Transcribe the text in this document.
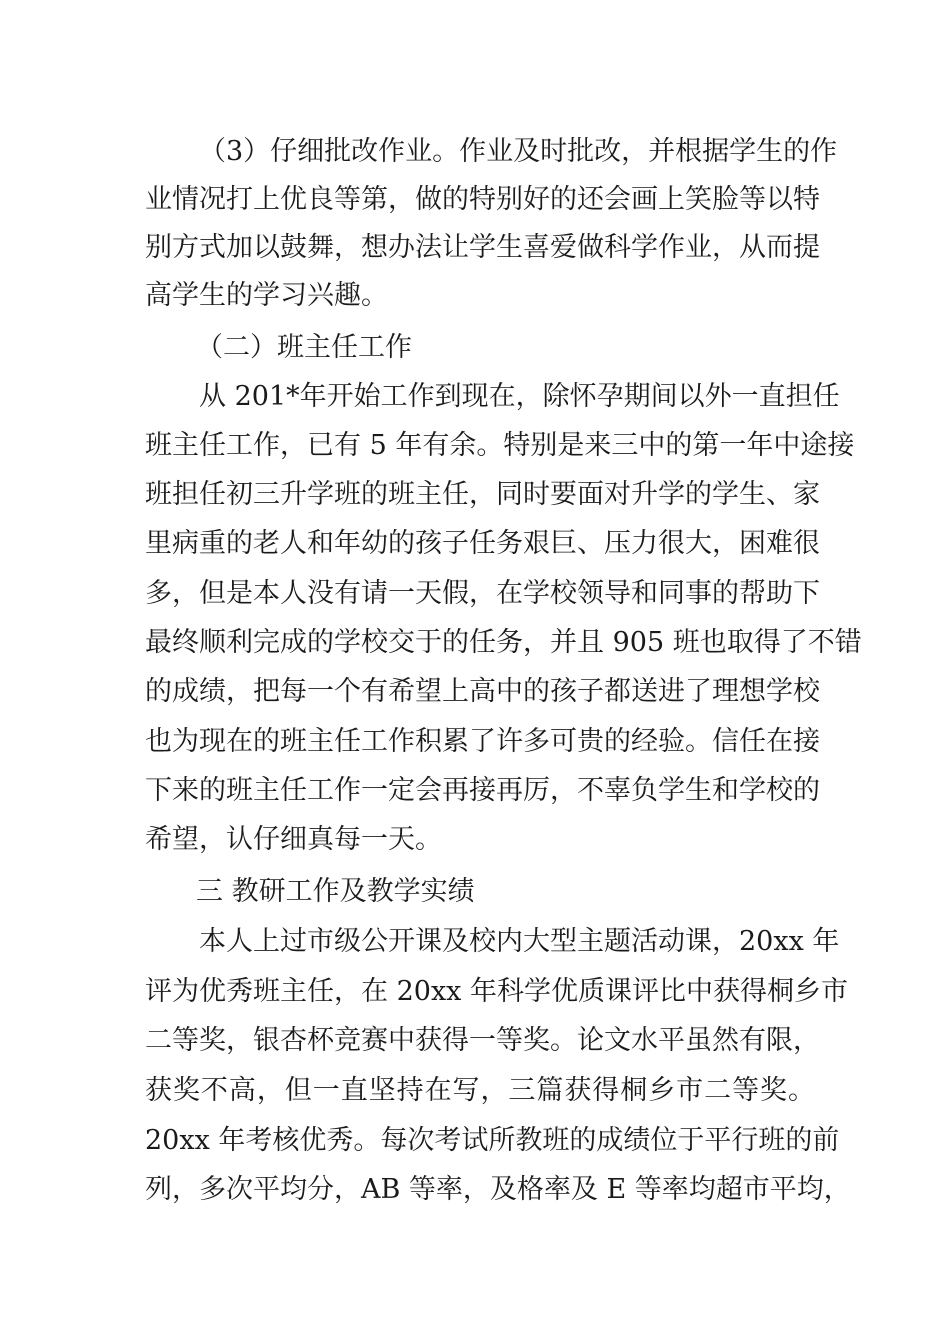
（3）仔细批改作业。作业及时批改，并根据学生的作
业情况打上优良等第，做的特别好的还会画上笑脸等以特
别方式加以鼓舞，想办法让学生喜爱做科学作业，从而提
高学生的学习兴趣。
（二）班主任工作
从 201*年开始工作到现在，除怀孕期间以外一直担任
班主任工作，已有 5 年有余。特别是来三中的第一年中途接
班担任初三升学班的班主任，同时要面对升学的学生、家
里病重的老人和年幼的孩子任务艰巨、压力很大，困难很
多，但是本人没有请一天假，在学校领导和同事的帮助下
最终顺利完成的学校交于的任务，并且 905 班也取得了不错
的成绩，把每一个有希望上高中的孩子都送进了理想学校
也为现在的班主任工作积累了许多可贵的经验。信任在接
下来的班主任工作一定会再接再厉，不辜负学生和学校的
希望，认仔细真每一天。
三 教研工作及教学实绩
本人上过市级公开课及校内大型主题活动课，20xx 年
评为优秀班主任，在 20xx 年科学优质课评比中获得桐乡市
二等奖，银杏杯竞赛中获得一等奖。论文水平虽然有限，
获奖不高，但一直坚持在写，三篇获得桐乡市二等奖。
20xx 年考核优秀。每次考试所教班的成绩位于平行班的前
列，多次平均分，AB 等率，及格率及 E 等率均超市平均，
